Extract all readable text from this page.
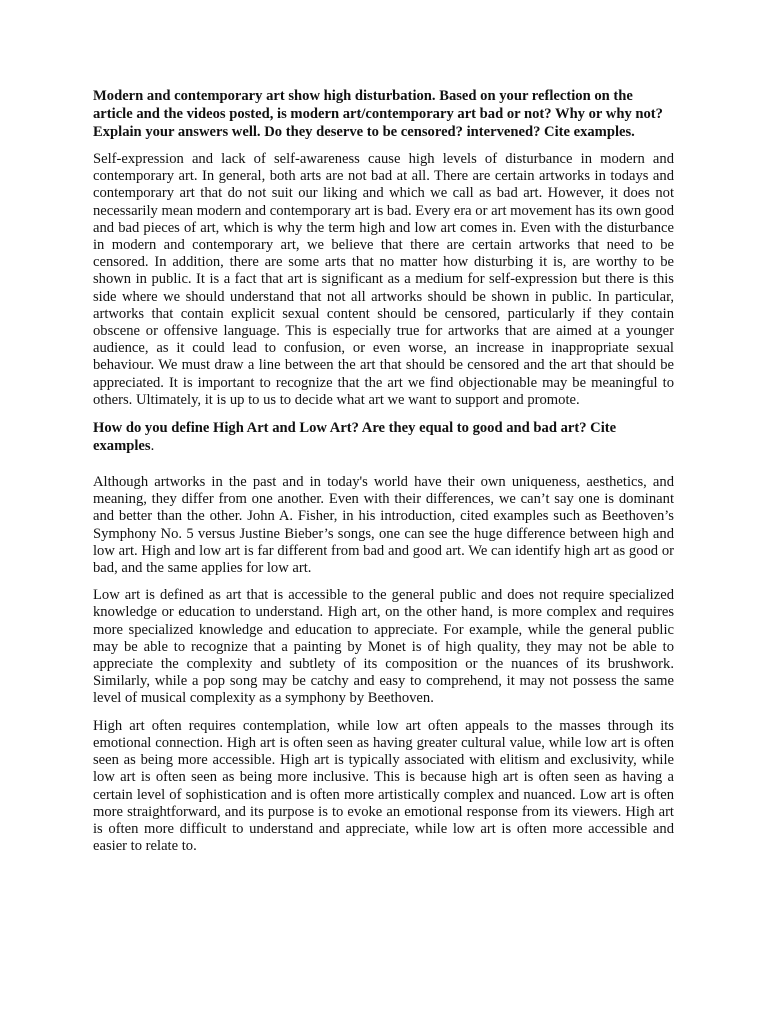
Modern and contemporary art show high disturbation. Based on your reflection on the article and the videos posted, is modern art/contemporary art bad or not? Why or why not? Explain your answers well. Do they deserve to be censored? intervened? Cite examples.

Self-expression and lack of self-awareness cause high levels of disturbance in modern and contemporary art. In general, both arts are not bad at all. There are certain artworks in todays and contemporary art that do not suit our liking and which we call as bad art. However, it does not necessarily mean modern and contemporary art is bad. Every era or art movement has its own good and bad pieces of art, which is why the term high and low art comes in. Even with the disturbance in modern and contemporary art, we believe that there are certain artworks that need to be censored. In addition, there are some arts that no matter how disturbing it is, are worthy to be shown in public. It is a fact that art is significant as a medium for self-expression but there is this side where we should understand that not all artworks should be shown in public. In particular, artworks that contain explicit sexual content should be censored, particularly if they contain obscene or offensive language. This is especially true for artworks that are aimed at a younger audience, as it could lead to confusion, or even worse, an increase in inappropriate sexual behaviour. We must draw a line between the art that should be censored and the art that should be appreciated. It is important to recognize that the art we find objectionable may be meaningful to others. Ultimately, it is up to us to decide what art we want to support and promote.

How do you define High Art and Low Art? Are they equal to good and bad art? Cite examples.

Although artworks in the past and in today's world have their own uniqueness, aesthetics, and meaning, they differ from one another. Even with their differences, we can’t say one is dominant and better than the other. John A. Fisher, in his introduction, cited examples such as Beethoven’s Symphony No. 5 versus Justine Bieber’s songs, one can see the huge difference between high and low art. High and low art is far different from bad and good art. We can identify high art as good or bad, and the same applies for low art.

Low art is defined as art that is accessible to the general public and does not require specialized knowledge or education to understand. High art, on the other hand, is more complex and requires more specialized knowledge and education to appreciate. For example, while the general public may be able to recognize that a painting by Monet is of high quality, they may not be able to appreciate the complexity and subtlety of its composition or the nuances of its brushwork. Similarly, while a pop song may be catchy and easy to comprehend, it may not possess the same level of musical complexity as a symphony by Beethoven.

High art often requires contemplation, while low art often appeals to the masses through its emotional connection. High art is often seen as having greater cultural value, while low art is often seen as being more accessible. High art is typically associated with elitism and exclusivity, while low art is often seen as being more inclusive. This is because high art is often seen as having a certain level of sophistication and is often more artistically complex and nuanced. Low art is often more straightforward, and its purpose is to evoke an emotional response from its viewers. High art is often more difficult to understand and appreciate, while low art is often more accessible and easier to relate to.
